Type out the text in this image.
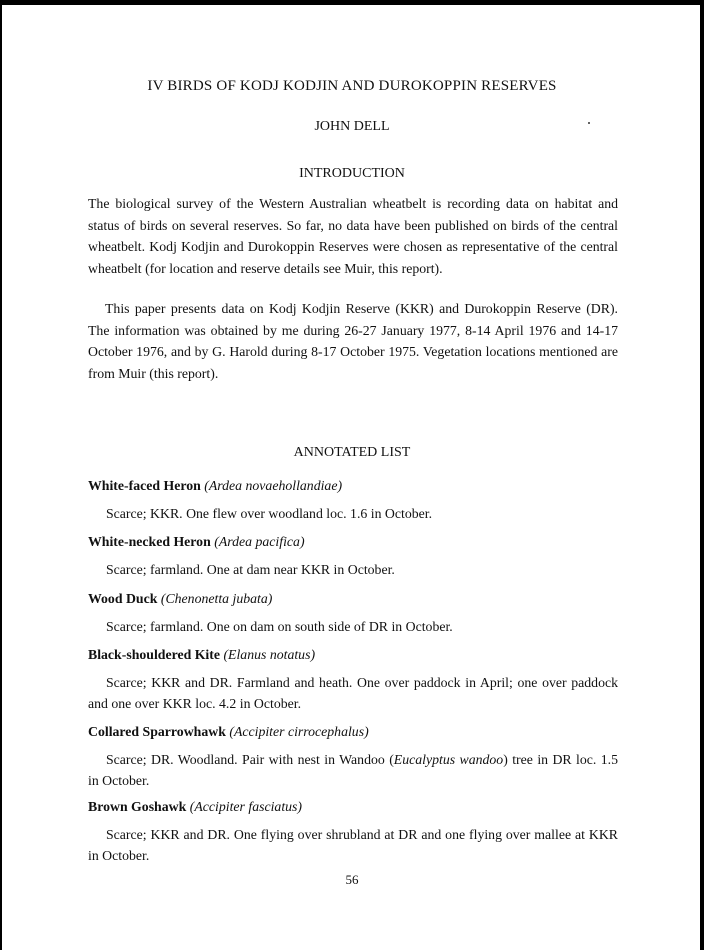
IV BIRDS OF KODJ KODJIN AND DUROKOPPIN RESERVES
JOHN DELL
INTRODUCTION

The biological survey of the Western Australian wheatbelt is recording data on habitat and status of birds on several reserves. So far, no data have been published on birds of the central wheatbelt. Kodj Kodjin and Durokoppin Reserves were chosen as representative of the central wheatbelt (for location and reserve details see Muir, this report).

This paper presents data on Kodj Kodjin Reserve (KKR) and Durokoppin Reserve (DR). The information was obtained by me during 26-27 January 1977, 8-14 April 1976 and 14-17 October 1976, and by G. Harold during 8-17 October 1975. Vegetation locations mentioned are from Muir (this report).

ANNOTATED LIST

White-faced Heron (Ardea novaehollandiae)

Scarce; KKR. One flew over woodland loc. 1.6 in October.

White-necked Heron (Ardea pacifica)

Scarce; farmland. One at dam near KKR in October.

Wood Duck (Chenonetta jubata)

Scarce; farmland. One on dam on south side of DR in October.

Black-shouldered Kite (Elanus notatus)

Scarce; KKR and DR. Farmland and heath. One over paddock in April; one over paddock and one over KKR loc. 4.2 in October.

Collared Sparrowhawk (Accipiter cirrocephalus)

Scarce; DR. Woodland. Pair with nest in Wandoo (Eucalyptus wandoo) tree in DR loc. 1.5 in October.

Brown Goshawk (Accipiter fasciatus)

Scarce; KKR and DR. One flying over shrubland at DR and one flying over mallee at KKR in October.

56
